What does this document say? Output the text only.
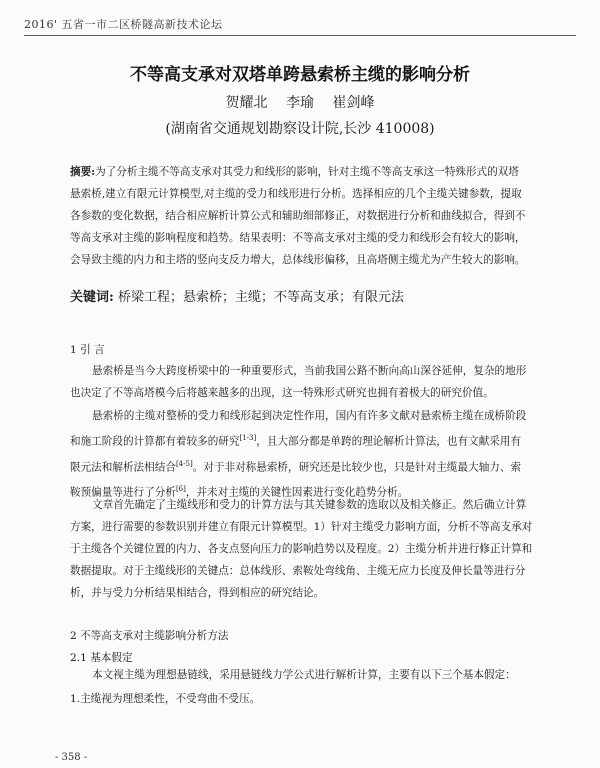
2016' 五省一市二区桥隧高新技术论坛
不等高支承对双塔单跨悬索桥主缆的影响分析
贺耀北 李瑜 崔剑峰
(湖南省交通规划勘察设计院,长沙 410008)

摘要:为了分析主缆不等高支承对其受力和线形的影响，针对主缆不等高支承这一特殊形式的双塔

悬索桥,建立有限元计算模型,对主缆的受力和线形进行分析。选择相应的几个主缆关键参数，提取

各参数的变化数据，结合相应解析计算公式和辅助细部修正，对数据进行分析和曲线拟合，得到不

等高支承对主缆的影响程度和趋势。结果表明：不等高支承对主缆的受力和线形会有较大的影响，

会导致主缆的内力和主塔的竖向支反力增大，总体线形偏移，且高塔侧主缆尤为产生较大的影响。

关键词: 桥梁工程；悬索桥；主缆；不等高支承；有限元法
1 引 言

悬索桥是当今大跨度桥梁中的一种重要形式，当前我国公路不断向高山深谷延伸，复杂的地形

也决定了不等高塔模今后将越来越多的出现，这一特殊形式研究也拥有着极大的研究价值。

悬索桥的主缆对整桥的受力和线形起到决定性作用，国内有许多文献对悬索桥主缆在成桥阶段

和施工阶段的计算都有着较多的研究[1-3]，且大部分都是单跨的理论解析计算法，也有文献采用有

限元法和解析法相结合[4-5]。对于非对称悬索桥，研究还是比较少也，只是针对主缆最大轴力、索

鞍预偏量等进行了分析[6]，并未对主缆的关键性因素进行变化趋势分析。

文章首先确定了主缆线形和受力的计算方法与其关键参数的选取以及相关修正。然后确立计算

方案，进行需要的参数识别并建立有限元计算模型。1）针对主缆受力影响方面，分析不等高支承对

于主缆各个关键位置的内力、各支点竖向压力的影响趋势以及程度。2）主缆分析并进行修正计算和

数据提取。对于主缆线形的关键点：总体线形、索鞍处弯线角、主缆无应力长度及伸长量等进行分

析，并与受力分析结果相结合，得到相应的研究结论。

2 不等高支承对主缆影响分析方法
2.1 基本假定

本文视主缆为理想悬链线，采用悬链线力学公式进行解析计算，主要有以下三个基本假定：

1.主缆视为理想柔性，不受弯曲不受压。

- 358 -
